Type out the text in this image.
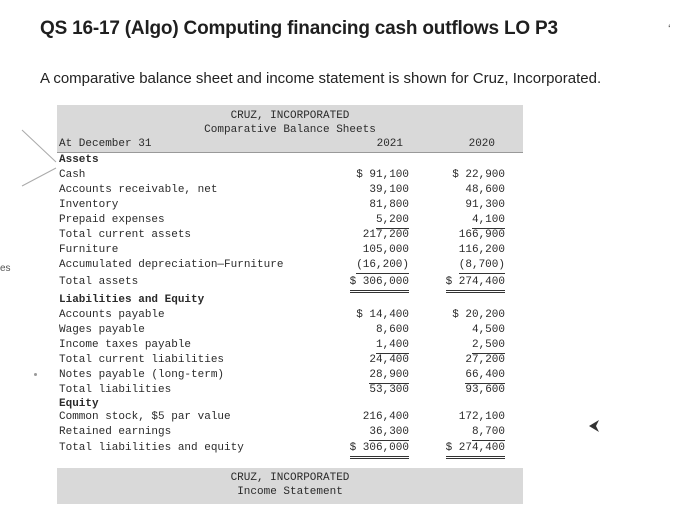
QS 16-17 (Algo) Computing financing cash outflows LO P3	‘
A comparative balance sheet and income statement is shown for Cruz, Incorporated.
es
CRUZ, INCORPORATED
Comparative Balance Sheets
At December 31	2021	2020
Assets
Cash	$ 91,100	$ 22,900
Accounts receivable, net	39,100	48,600
Inventory	81,800	91,300
Prepaid expenses	5,200	4,100
Total current assets	217,200	166,900
Furniture	105,000	116,200
Accumulated depreciation—Furniture	(16,200)	(8,700)
Total assets	$ 306,000	$ 274,400
Liabilities and Equity
Accounts payable	$ 14,400	$ 20,200
Wages payable	8,600	4,500
Income taxes payable	1,400	2,500
Total current liabilities	24,400	27,200
Notes payable (long-term)	28,900	66,400
Total liabilities	53,300	93,600
Equity
Common stock, $5 par value	216,400	172,100
Retained earnings	36,300	8,700
Total liabilities and equity	$ 306,000	$ 274,400
CRUZ, INCORPORATED
Income Statement
